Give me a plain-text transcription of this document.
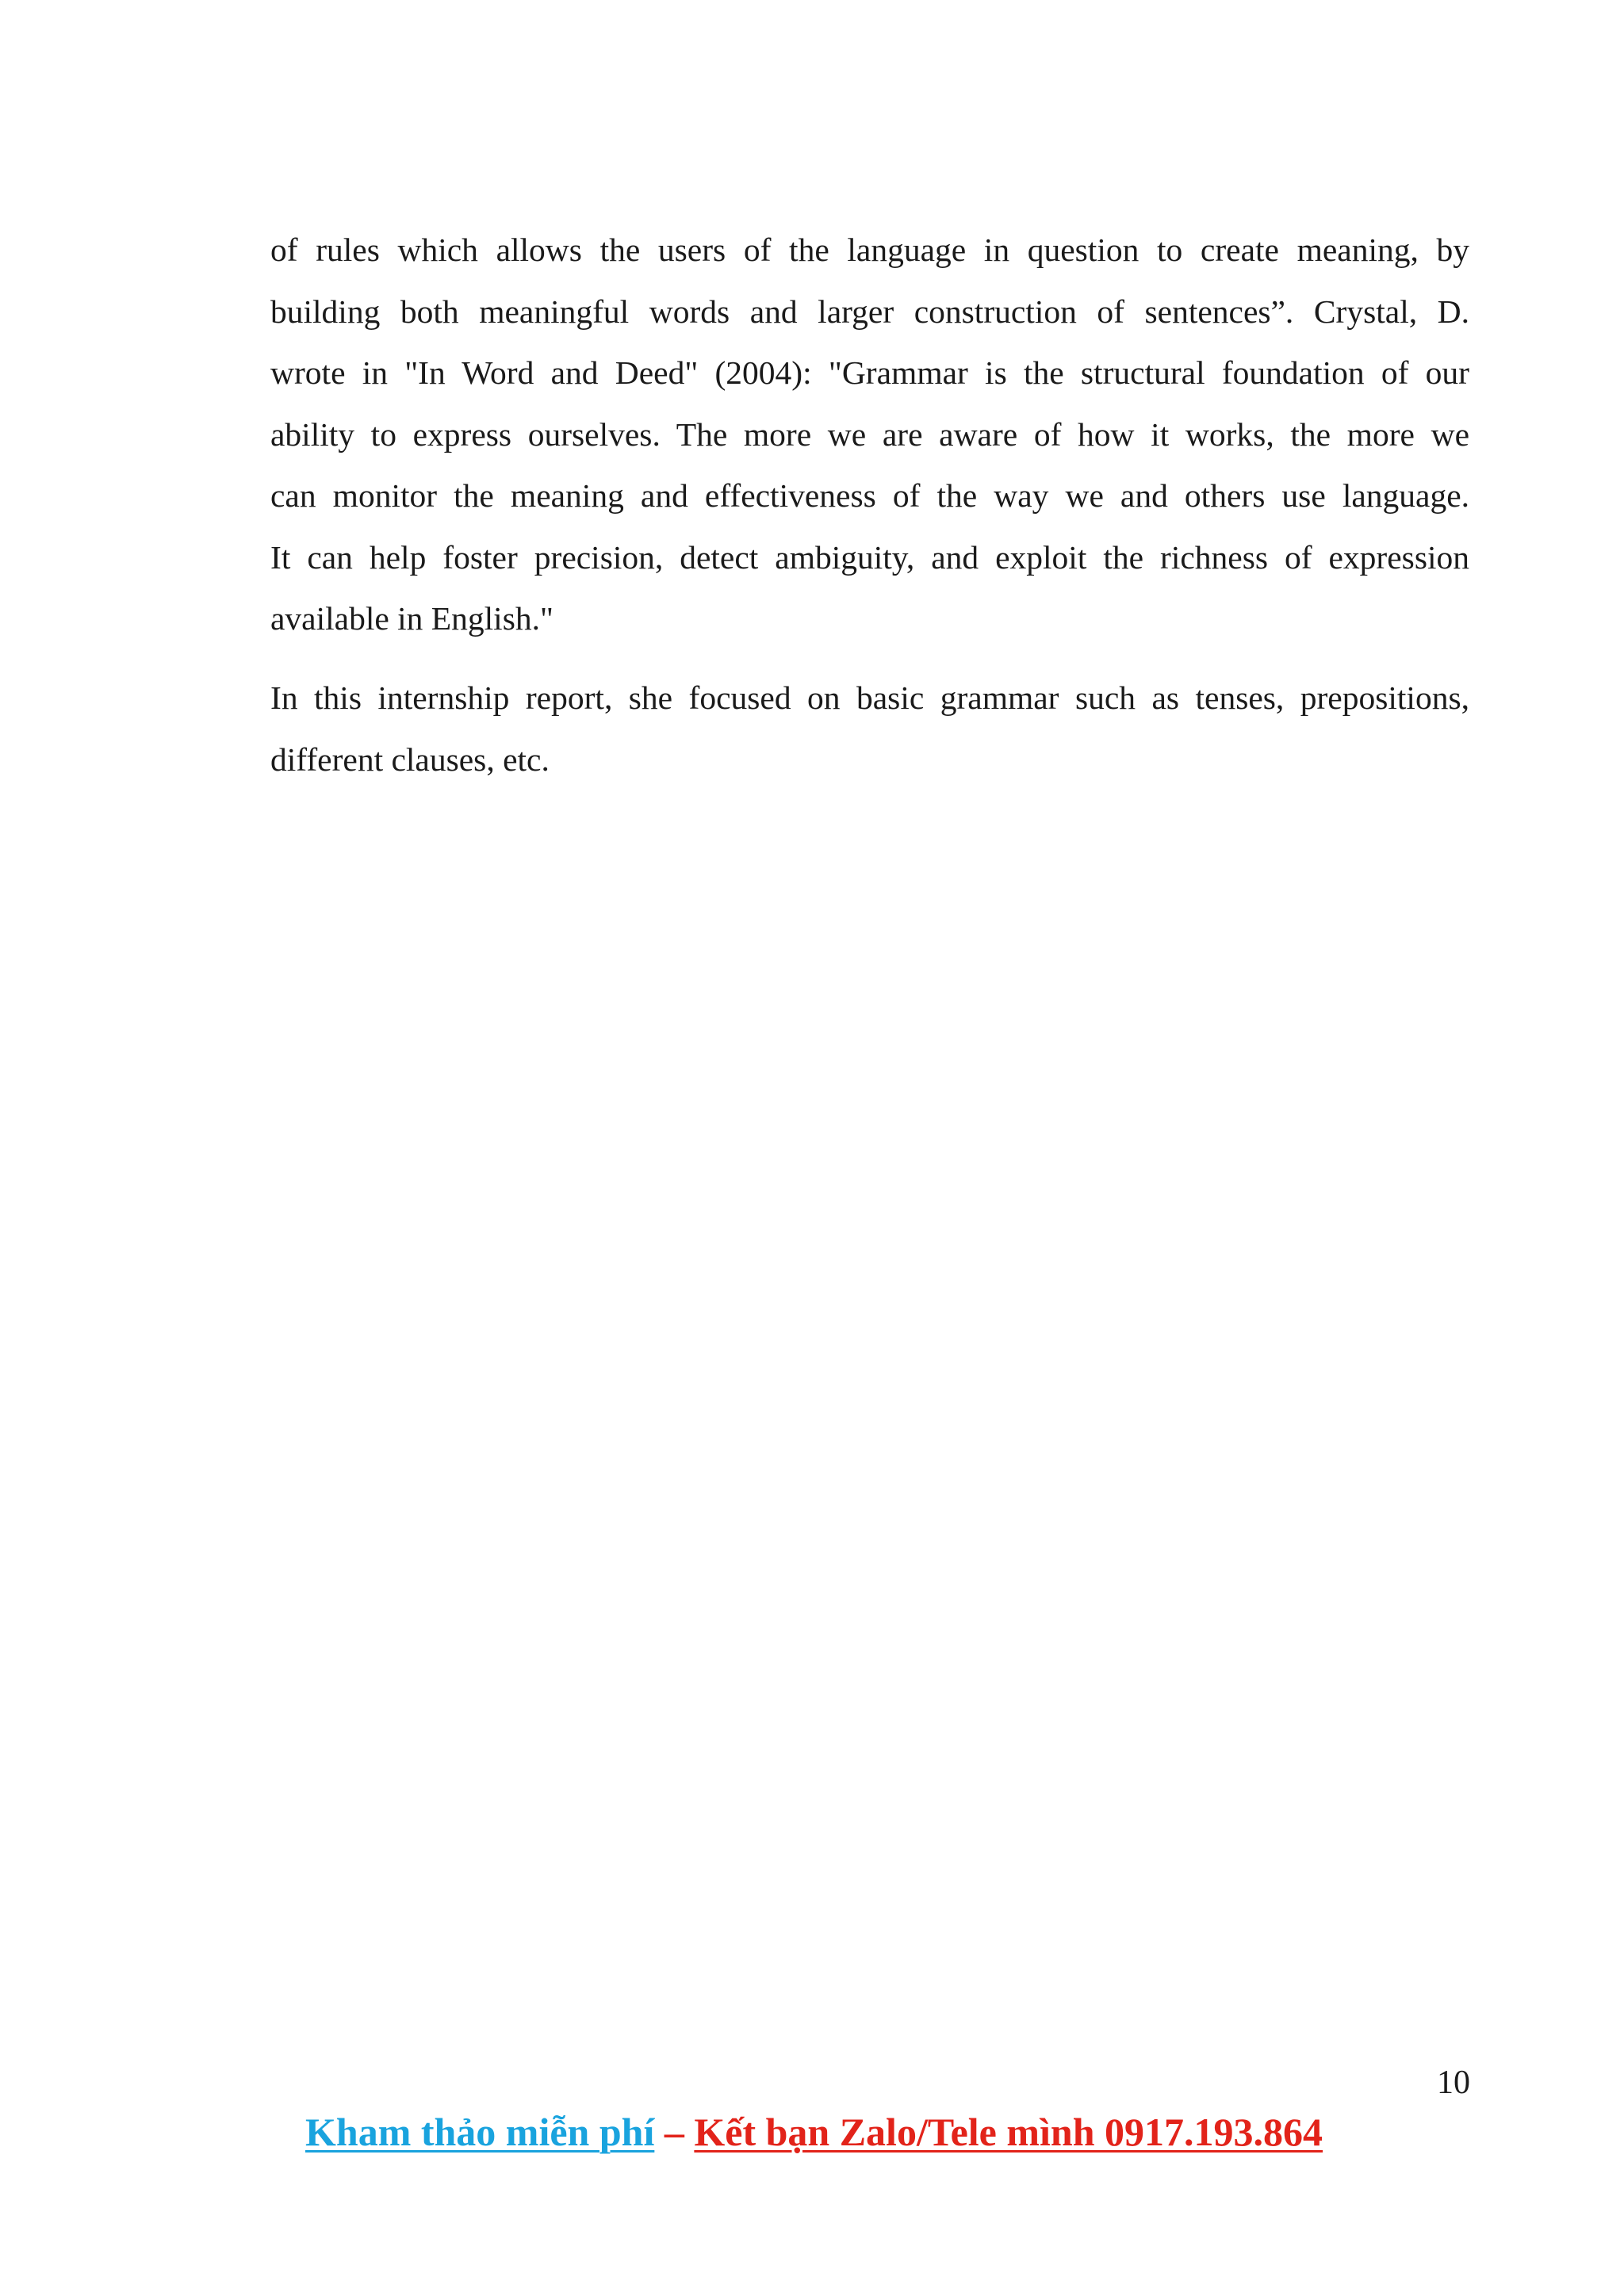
of rules which allows the users of the language in question to create meaning, by
building both meaningful words and larger construction of sentences”. Crystal, D.
wrote in "In Word and Deed" (2004): "Grammar is the structural foundation of our
ability to express ourselves. The more we are aware of how it works, the more we
can monitor the meaning and effectiveness of the way we and others use language.
It can help foster precision, detect ambiguity, and exploit the richness of expression
available in English."
In this internship report, she focused on basic grammar such as tenses, prepositions,
different clauses, etc.
10
Kham thảo miễn phí – Kết bạn Zalo/Tele mình 0917.193.864
